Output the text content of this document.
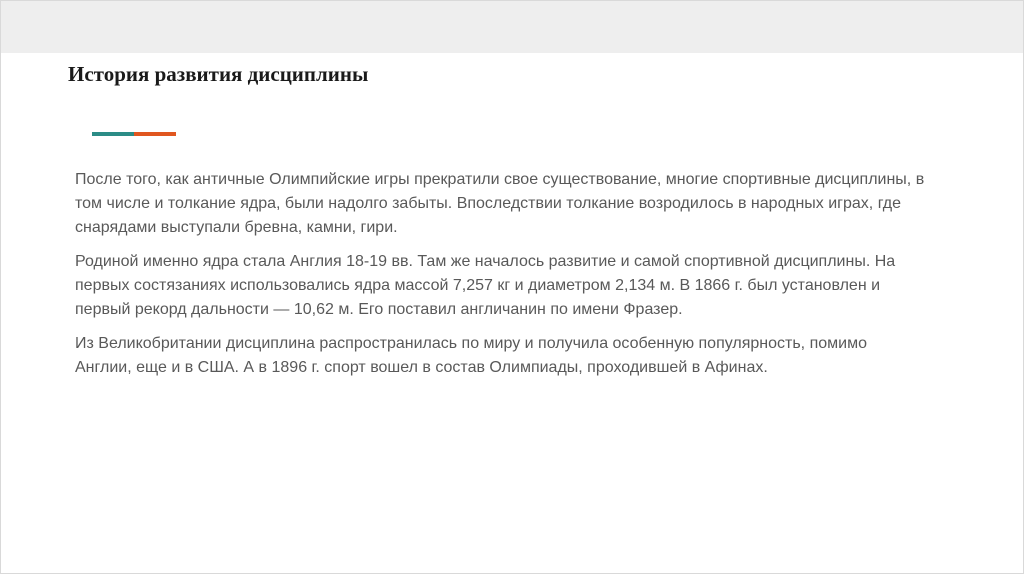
История развития дисциплины

После того, как античные Олимпийские игры прекратили свое существование, многие спортивные дисциплины, в том числе и толкание ядра, были надолго забыты. Впоследствии толкание возродилось в народных играх, где снарядами выступали бревна, камни, гири.

Родиной именно ядра стала Англия 18-19 вв. Там же началось развитие и самой спортивной дисциплины. На первых состязаниях использовались ядра массой 7,257 кг и диаметром 2,134 м. В 1866 г. был установлен и первый рекорд дальности — 10,62 м. Его поставил англичанин по имени Фразер.

Из Великобритании дисциплина распространилась по миру и получила особенную популярность, помимо Англии, еще и в США. А в 1896 г. спорт вошел в состав Олимпиады, проходившей в Афинах.
